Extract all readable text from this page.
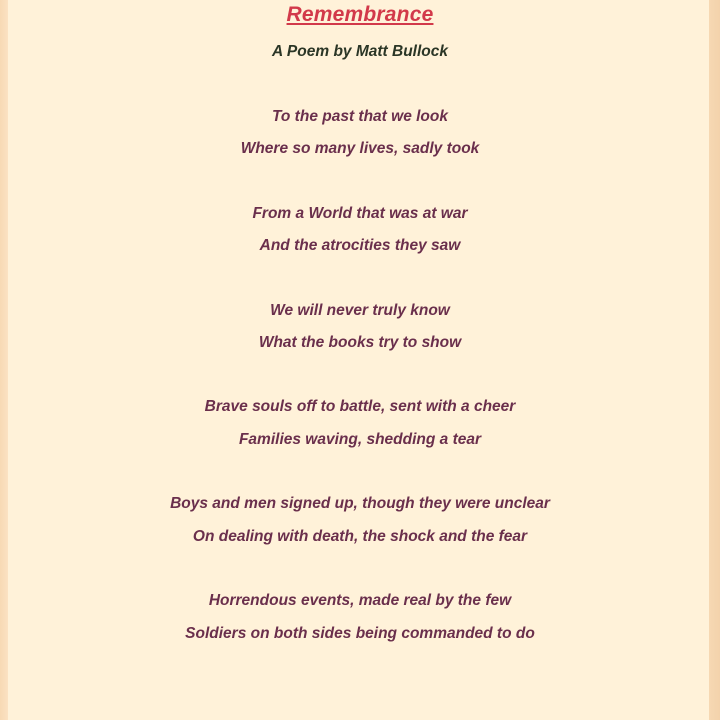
Remembrance
A Poem by Matt Bullock
To the past that we look
Where so many lives, sadly took
From a World that was at war
And the atrocities they saw
We will never truly know
What the books try to show
Brave souls off to battle, sent with a cheer
Families waving, shedding a tear
Boys and men signed up, though they were unclear
On dealing with death, the shock and the fear
Horrendous events, made real by the few
Soldiers on both sides being commanded to do
